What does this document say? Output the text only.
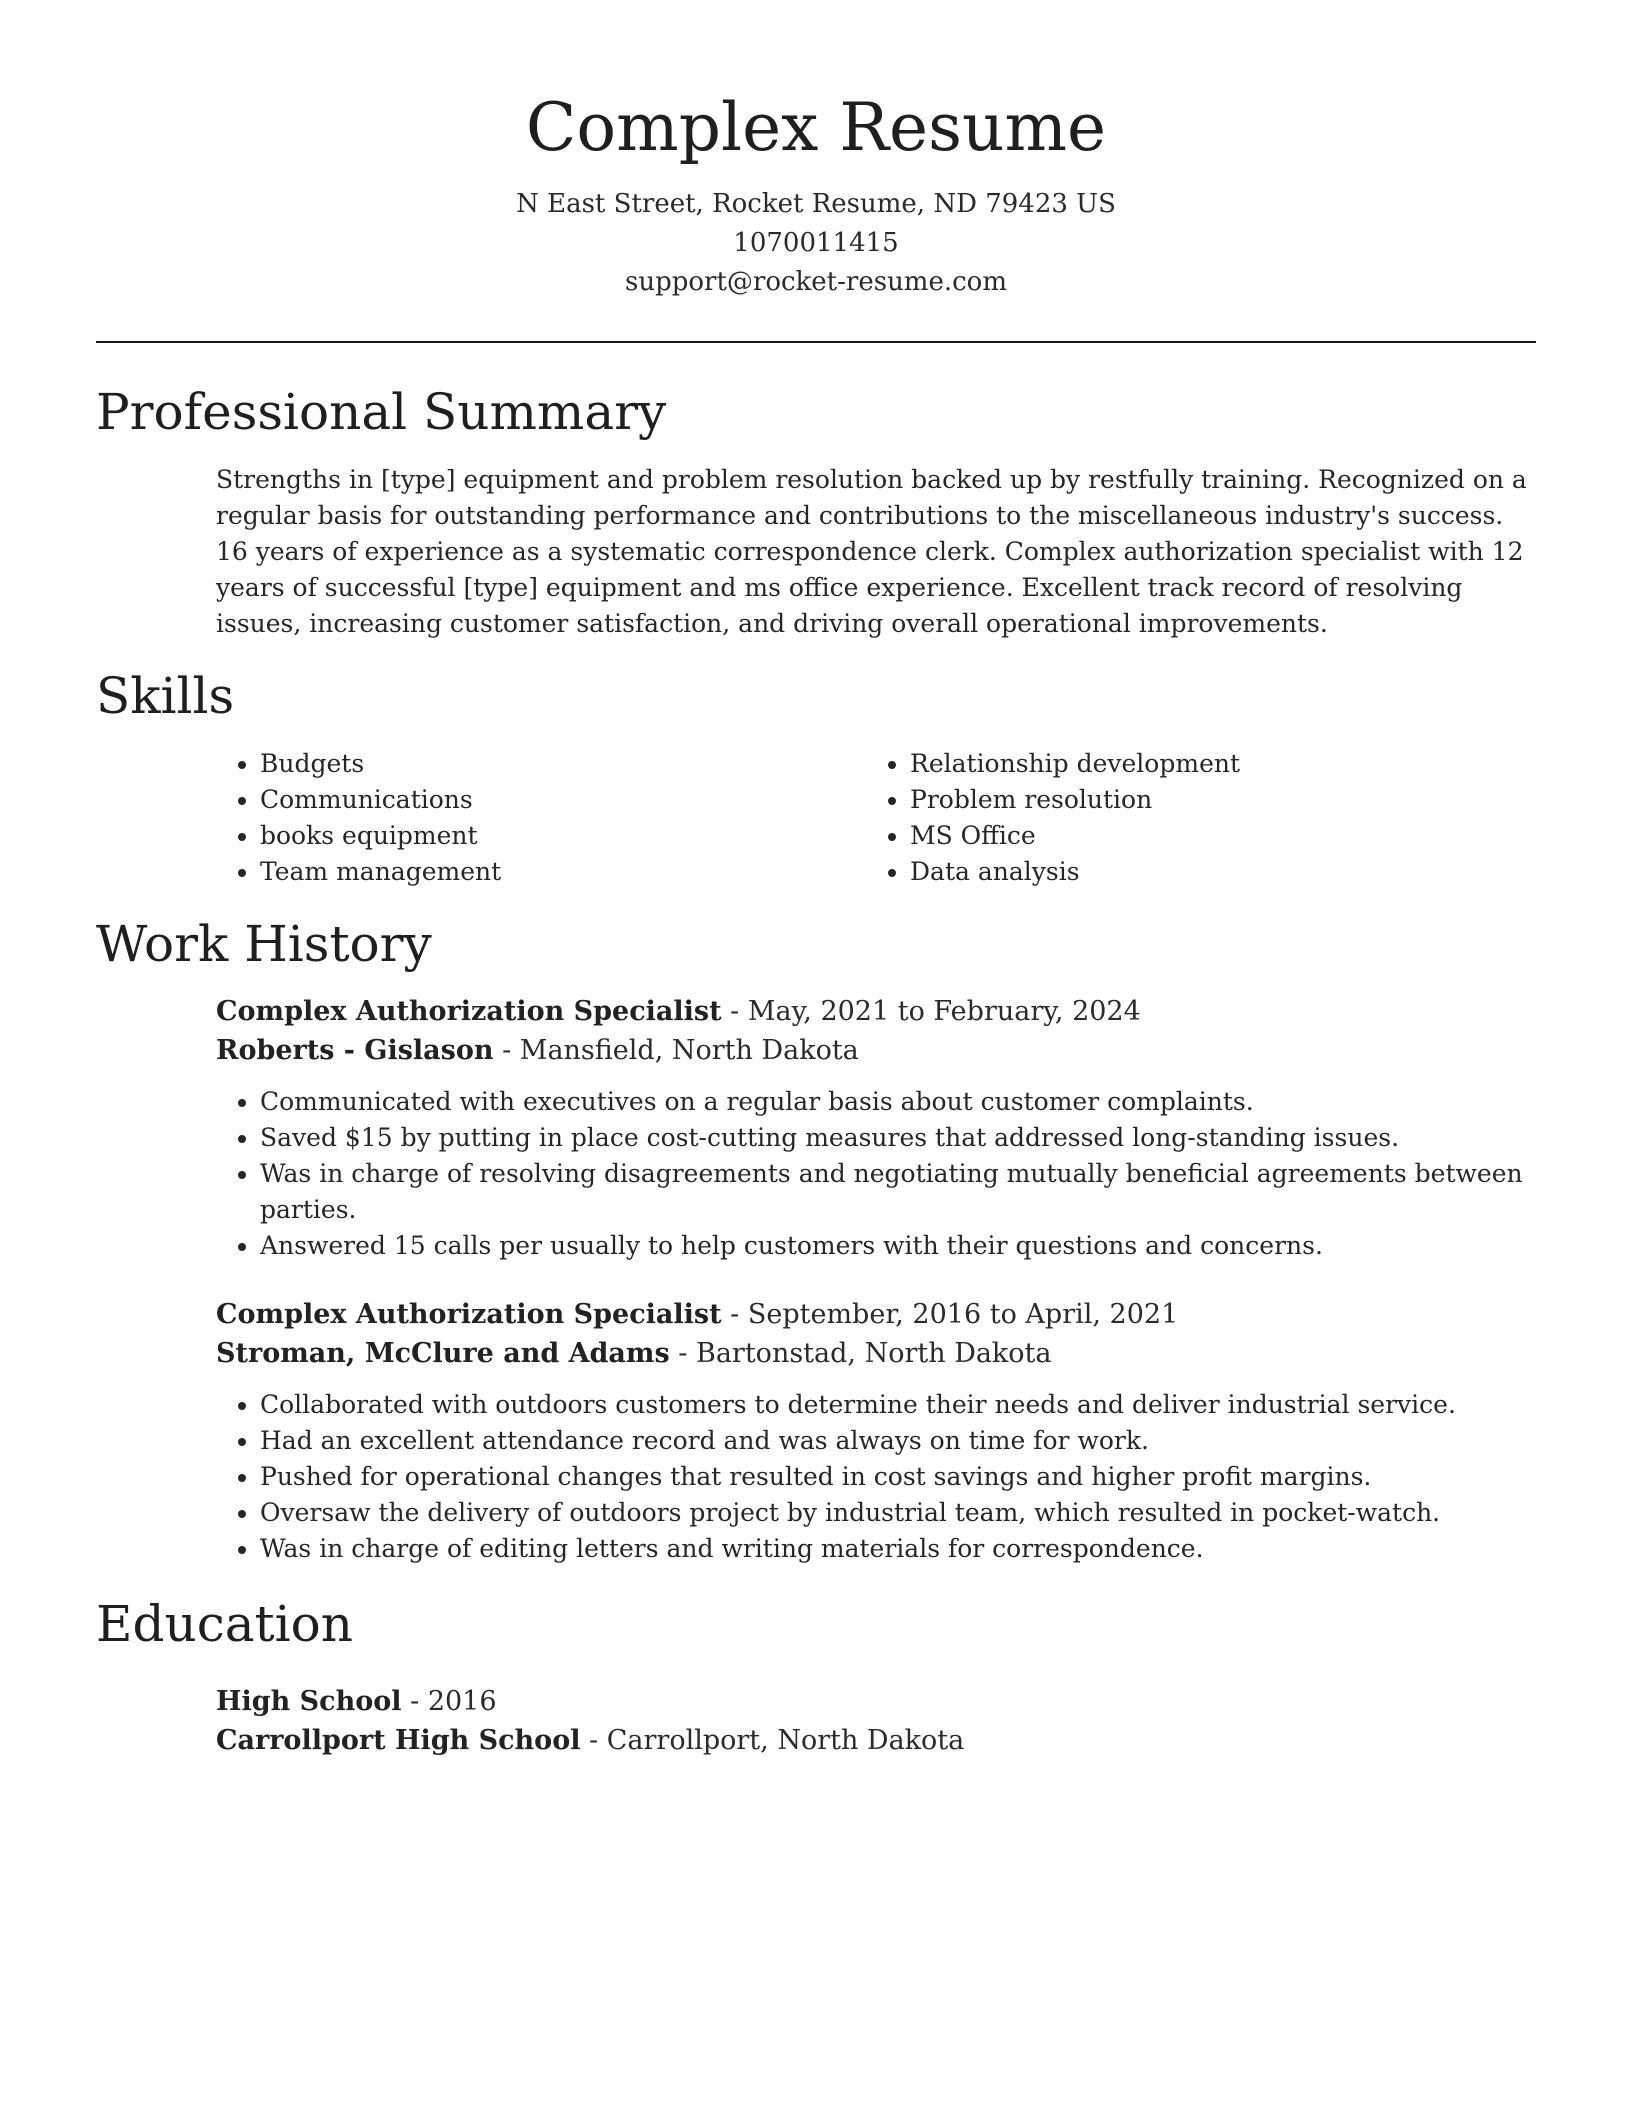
Complex Resume
N East Street, Rocket Resume, ND 79423 US
1070011415
support@rocket-resume.com
Professional Summary

Strengths in [type] equipment and problem resolution backed up by restfully training. Recognized on a regular basis for outstanding performance and contributions to the miscellaneous industry's success. 16 years of experience as a systematic correspondence clerk. Complex authorization specialist with 12 years of successful [type] equipment and ms office experience. Excellent track record of resolving issues, increasing customer satisfaction, and driving overall operational improvements.

Skills
• Budgets
• Communications
• books equipment
• Team management
• Relationship development
• Problem resolution
• MS Office
• Data analysis
Work History
Complex Authorization Specialist - May, 2021 to February, 2024
Roberts - Gislason - Mansfield, North Dakota
• Communicated with executives on a regular basis about customer complaints.
• Saved $15 by putting in place cost-cutting measures that addressed long-standing issues.
• Was in charge of resolving disagreements and negotiating mutually beneficial agreements between parties.
• Answered 15 calls per usually to help customers with their questions and concerns.
Complex Authorization Specialist - September, 2016 to April, 2021
Stroman, McClure and Adams - Bartonstad, North Dakota
• Collaborated with outdoors customers to determine their needs and deliver industrial service.
• Had an excellent attendance record and was always on time for work.
• Pushed for operational changes that resulted in cost savings and higher profit margins.
• Oversaw the delivery of outdoors project by industrial team, which resulted in pocket-watch.
• Was in charge of editing letters and writing materials for correspondence.
Education
High School - 2016
Carrollport High School - Carrollport, North Dakota
